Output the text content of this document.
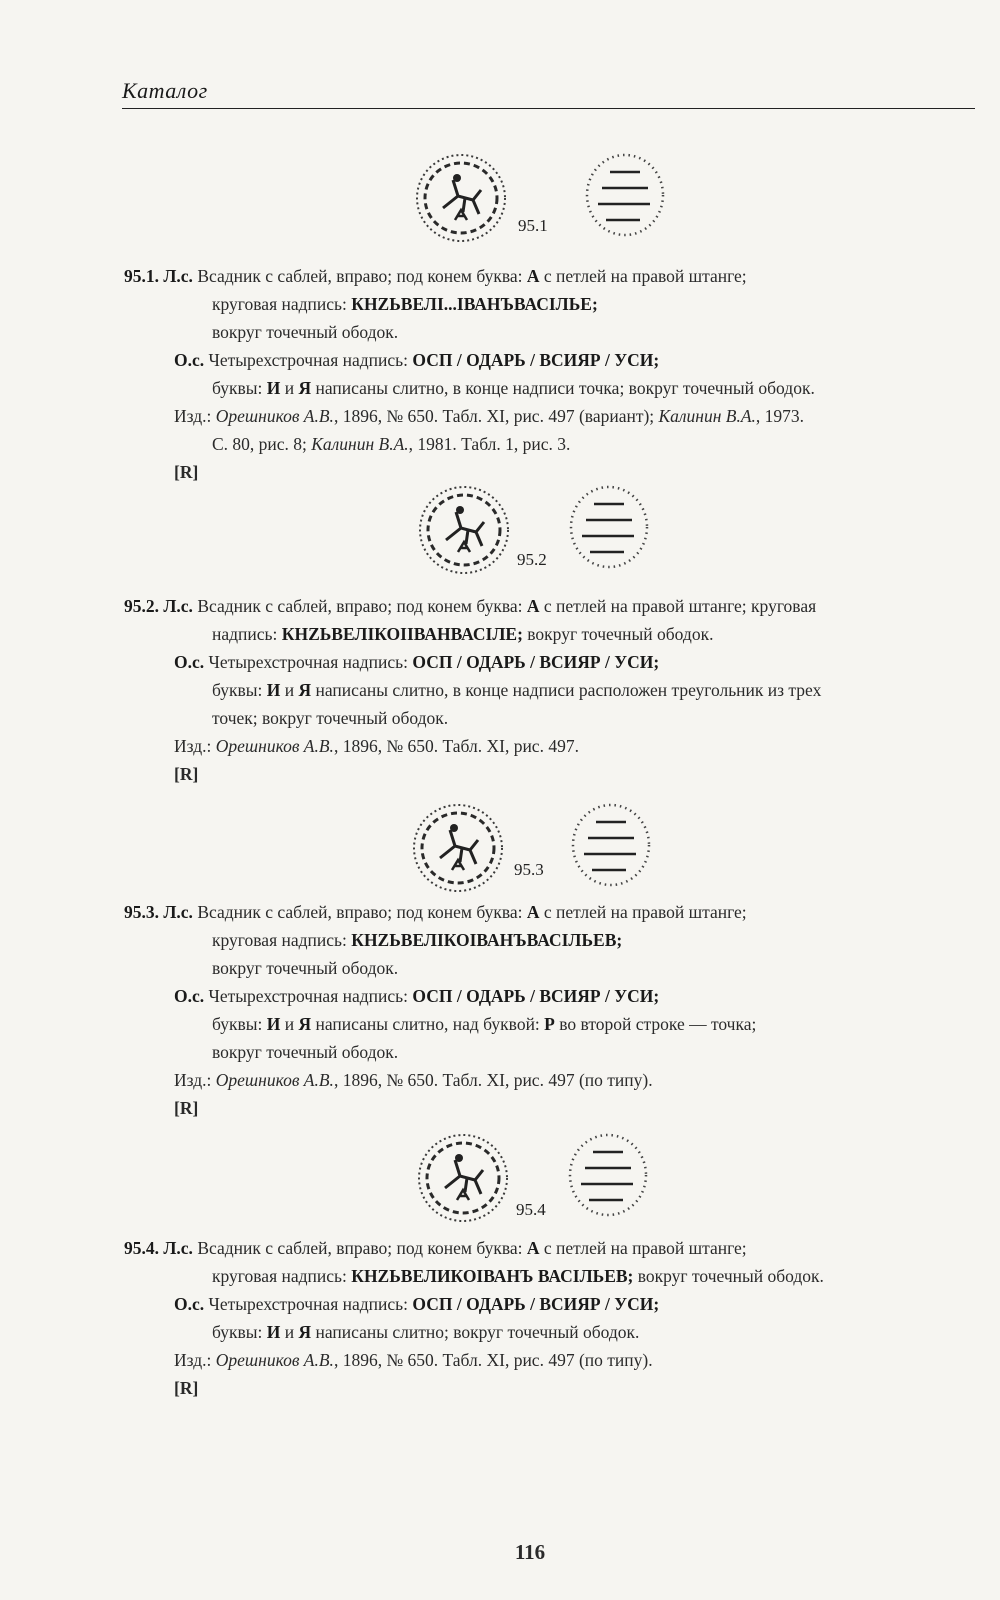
Каталог
95.1
95.1. Л.с. Всадник с саблей, вправо; под конем буква: А с петлей на правой штанге;
круговая надпись: КНZЬВЕЛI...IВАНЪВАСIЛЬЕ;
вокруг точечный ободок.
О.с. Четырехстрочная надпись: ОСП / ОДАРЬ / ВСИЯР / УСИ;
буквы: И и Я написаны слитно, в конце надписи точка; вокруг точечный ободок.
Изд.: Орешников А.В., 1896, № 650. Табл. XI, рис. 497 (вариант); Калинин В.А., 1973.
С. 80, рис. 8; Калинин В.А., 1981. Табл. 1, рис. 3.
[R]
95.2
95.2. Л.с. Всадник с саблей, вправо; под конем буква: А с петлей на правой штанге; круговая
надпись: КНZЬВЕЛIКОIIВАНВАСIЛЕ; вокруг точечный ободок.
О.с. Четырехстрочная надпись: ОСП / ОДАРЬ / ВСИЯР / УСИ;
буквы: И и Я написаны слитно, в конце надписи расположен треугольник из трех
точек; вокруг точечный ободок.
Изд.: Орешников А.В., 1896, № 650. Табл. XI, рис. 497.
[R]
95.3
95.3. Л.с. Всадник с саблей, вправо; под конем буква: А с петлей на правой штанге;
круговая надпись: КНZЬВЕЛIКОIВАНЪВАСIЛЬЕВ;
вокруг точечный ободок.
О.с. Четырехстрочная надпись: ОСП / ОДАРЬ / ВСИЯР / УСИ;
буквы: И и Я написаны слитно, над буквой: Р во второй строке — точка;
вокруг точечный ободок.
Изд.: Орешников А.В., 1896, № 650. Табл. XI, рис. 497 (по типу).
[R]
95.4
95.4. Л.с. Всадник с саблей, вправо; под конем буква: А с петлей на правой штанге;
круговая надпись: КНZЬВЕЛИКОIВАНЪ ВАСIЛЬЕВ; вокруг точечный ободок.
О.с. Четырехстрочная надпись: ОСП / ОДАРЬ / ВСИЯР / УСИ;
буквы: И и Я написаны слитно; вокруг точечный ободок.
Изд.: Орешников А.В., 1896, № 650. Табл. XI, рис. 497 (по типу).
[R]
116
